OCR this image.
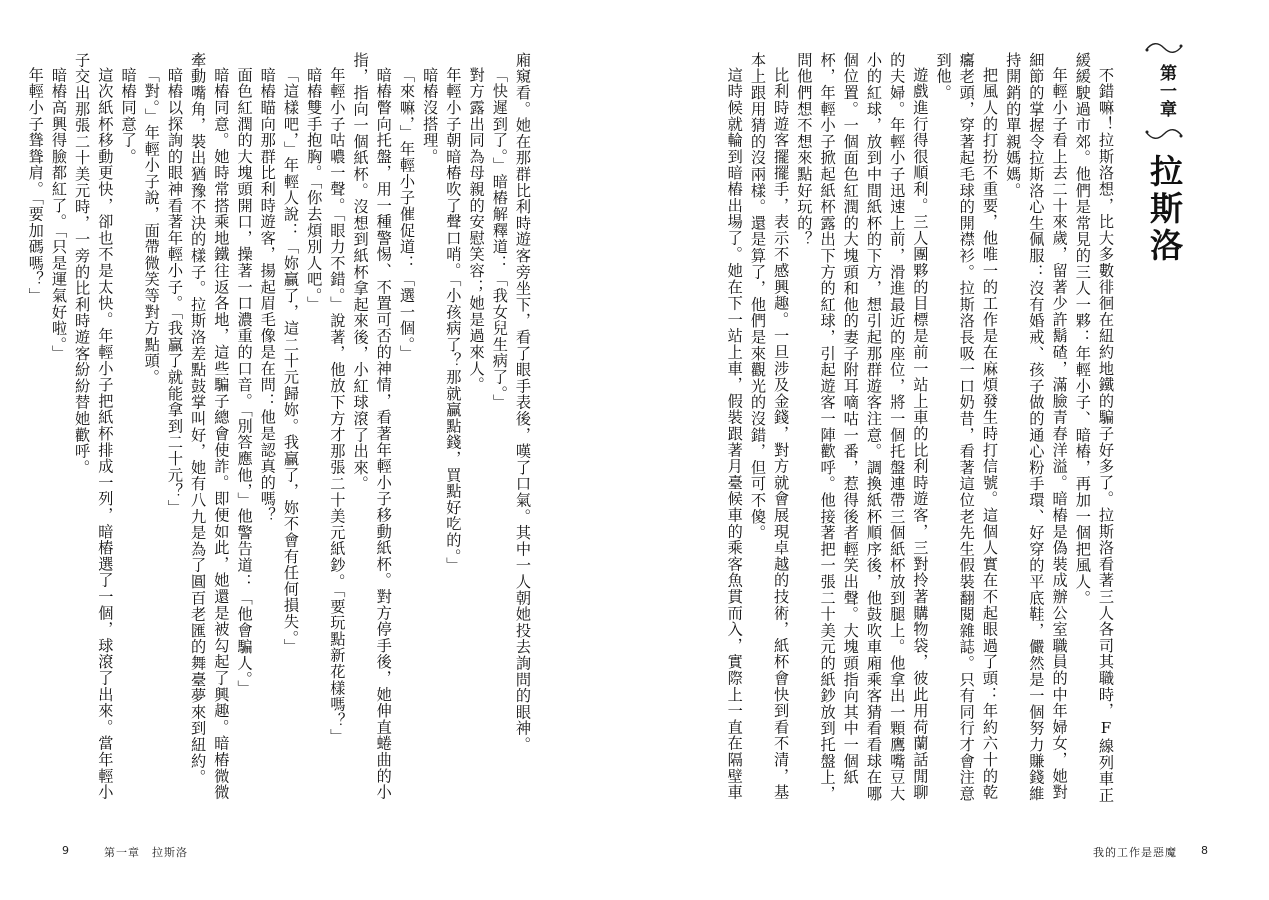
廂窺看。她在那群比利時遊客旁坐下，看了眼手表後，嘆了口氣。其中一人朝她投去詢問的眼神。

「快遲到了。」暗樁解釋道：「我女兒生病了。」

對方露出同為母親的安慰笑容；她是過來人。

年輕小子朝暗樁吹了聲口哨。「小孩病了？那就贏點錢，買點好吃的。」

暗樁沒搭理。

「來嘛，」年輕小子催促道：「選一個。」

暗樁瞥向托盤，用一種警惕、不置可否的神情，看著年輕小子移動紙杯。對方停手後，她伸直蜷曲的小指，指向一個紙杯。沒想到紙杯拿起來後，小紅球滾了出來。

年輕小子咕噥一聲。「眼力不錯。」說著，他放下方才那張二十美元紙鈔。「要玩點新花樣嗎？」

暗樁雙手抱胸。「你去煩別人吧。」

「這樣吧，」年輕人說：「妳贏了，這二十元歸妳。我贏了，妳不會有任何損失。」

暗樁瞄向那群比利時遊客，揚起眉毛像是在問：他是認真的嗎？

面色紅潤的大塊頭開口，操著一口濃重的口音。「別答應他，」他警告道：「他會騙人。」

暗樁同意。她時常搭乘地鐵往返各地，這些騙子總會使詐。即便如此，她還是被勾起了興趣。暗樁微微牽動嘴角，裝出猶豫不決的樣子。拉斯洛差點鼓掌叫好，她有八九是為了圓百老匯的舞臺夢來到紐約。

暗樁以探詢的眼神看著年輕小子。「我贏了就能拿到二十元？」

「對。」年輕小子說，面帶微笑等對方點頭。

暗樁同意了。

這次紙杯移動更快，卻也不是太快。年輕小子把紙杯排成一列，暗樁選了一個，球滾了出來。當年輕小子交出那張二十美元時，一旁的比利時遊客紛紛替她歡呼。

暗樁高興得臉都紅了。「只是運氣好啦。」

年輕小子聳聳肩。「要加碼嗎？」

9	第一章　拉斯洛
第一章
拉斯洛

不錯嘛！拉斯洛想，比大多數徘徊在紐約地鐵的騙子好多了。拉斯洛看著三人各司其職時，F線列車正緩緩駛過市郊。他們是常見的三人一夥：年輕小子、暗樁，再加一個把風人。

年輕小子看上去二十來歲，留著少許鬍碴，滿臉青春洋溢。暗樁是偽裝成辦公室職員的中年婦女，她對細節的掌握令拉斯洛心生佩服：沒有婚戒、孩子做的通心粉手環、好穿的平底鞋，儼然是一個努力賺錢維持開銷的單親媽媽。

把風人的打扮不重要，他唯一的工作是在麻煩發生時打信號。這個人實在不起眼過了頭：年約六十的乾癟老頭，穿著起毛球的開襟衫。拉斯洛長吸一口奶昔，看著這位老先生假裝翻閱雜誌。只有同行才會注意到他。

遊戲進行得很順利。三人團夥的目標是前一站上車的比利時遊客，三對拎著購物袋，彼此用荷蘭話閒聊的夫婦。年輕小子迅速上前，滑進最近的座位，將一個托盤連帶三個紙杯放到腿上。他拿出一顆鷹嘴豆大小的紅球，放到中間紙杯的下方，想引起那群遊客注意。調換紙杯順序後，他鼓吹車廂乘客猜看看球在哪個位置。一個面色紅潤的大塊頭和他的妻子附耳嘀咕一番，惹得後者輕笑出聲。大塊頭指向其中一個紙杯，年輕小子掀起紙杯露出下方的紅球，引起遊客一陣歡呼。他接著把一張二十美元的紙鈔放到托盤上，問他們想不想來點好玩的？

比利時遊客擺擺手，表示不感興趣。一旦涉及金錢，對方就會展現卓越的技術，紙杯會快到看不清，基本上跟用猜的沒兩樣。還是算了，他們是來觀光的沒錯，但可不傻。

這時候就輪到暗樁出場了。她在下一站上車，假裝跟著月臺候車的乘客魚貫而入，實際上一直在隔壁車

我的工作是惡魔 8
